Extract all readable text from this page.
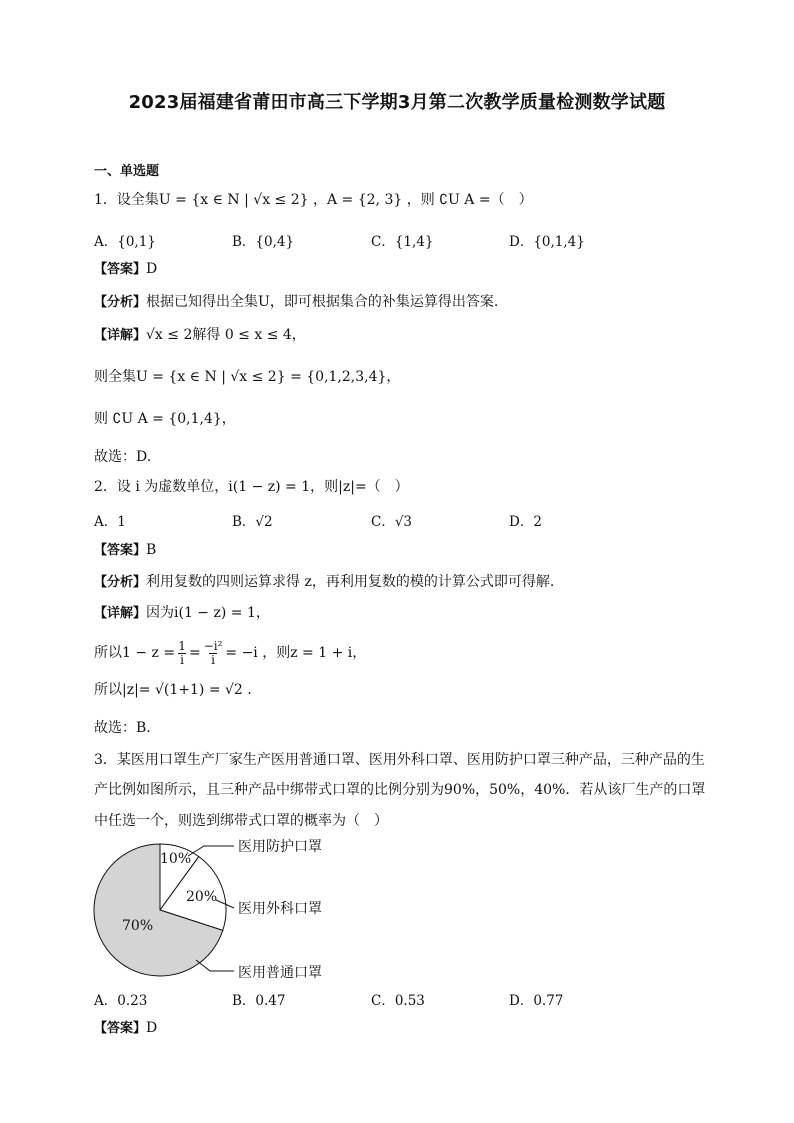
2023届福建省莆田市高三下学期3月第二次教学质量检测数学试题
一、单选题
1．设全集U = {x ∈ N | √x ≤ 2} ，A = {2, 3} ，则 ∁U A =（　）
A．{0,1}	B．{0,4}	C．{1,4}	D．{0,1,4}
【答案】D
【分析】根据已知得出全集U，即可根据集合的补集运算得出答案.
【详解】√x ≤ 2解得 0 ≤ x ≤ 4，
则全集U = {x ∈ N | √x ≤ 2} = {0,1,2,3,4}，
则 ∁U A = {0,1,4}，
故选：D.
2．设 i 为虚数单位，i(1 − z) = 1，则|z|=（　）
A．1	B．√2	C．√3	D．2
【答案】B
【分析】利用复数的四则运算求得 z，再利用复数的模的计算公式即可得解.
【详解】因为i(1 − z) = 1，
所以$1 - z = \frac{1}{i} = \frac{\text{−i²}}{i} = -i$ ，则z = 1 + i，
所以|z|= √(1+1) = √2 .
故选：B.
3．某医用口罩生产厂家生产医用普通口罩、医用外科口罩、医用防护口罩三种产品，三种产品的生
产比例如图所示，且三种产品中绑带式口罩的比例分别为90%，50%，40%．若从该厂生产的口罩
中任选一个，则选到绑带式口罩的概率为（　）
10%
20%
70%
医用防护口罩
医用外科口罩
医用普通口罩
A．0.23	B．0.47	C．0.53	D．0.77
【答案】D
